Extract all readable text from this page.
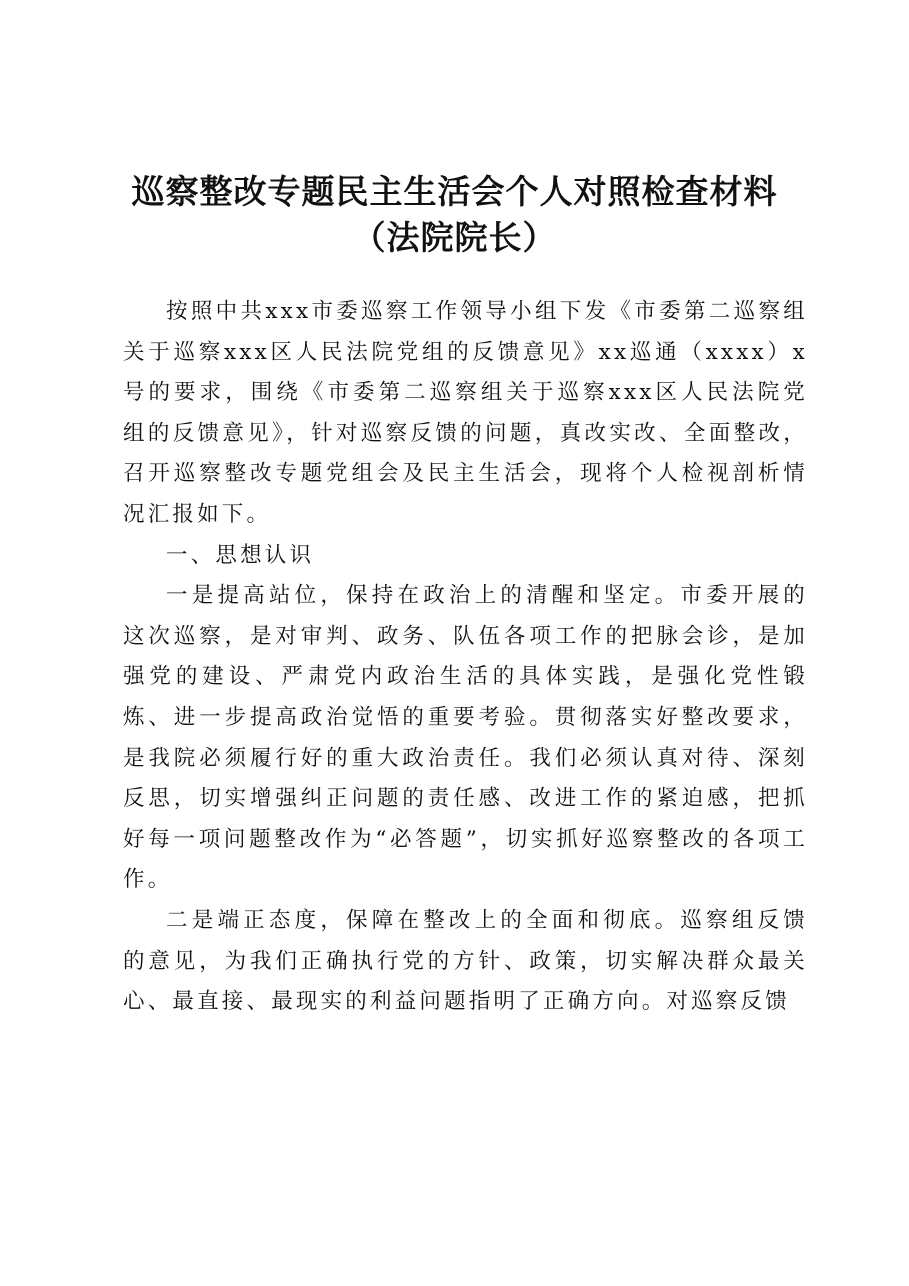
巡察整改专题民主生活会个人对照检查材料
（法院院长）

按照中共xxx市委巡察工作领导小组下发《市委第二巡察组关于巡察xxx区人民法院党组的反馈意见》xx巡通（xxxx）x号的要求，围绕《市委第二巡察组关于巡察xxx区人民法院党组的反馈意见》，针对巡察反馈的问题，真改实改、全面整改，召开巡察整改专题党组会及民主生活会，现将个人检视剖析情况汇报如下。

一、思想认识

一是提高站位，保持在政治上的清醒和坚定。市委开展的这次巡察，是对审判、政务、队伍各项工作的把脉会诊，是加强党的建设、严肃党内政治生活的具体实践，是强化党性锻炼、进一步提高政治觉悟的重要考验。贯彻落实好整改要求，是我院必须履行好的重大政治责任。我们必须认真对待、深刻反思，切实增强纠正问题的责任感、改进工作的紧迫感，把抓好每一项问题整改作为“必答题”，切实抓好巡察整改的各项工作。

二是端正态度，保障在整改上的全面和彻底。巡察组反馈的意见，为我们正确执行党的方针、政策，切实解决群众最关心、最直接、最现实的利益问题指明了正确方向。对巡察反馈
